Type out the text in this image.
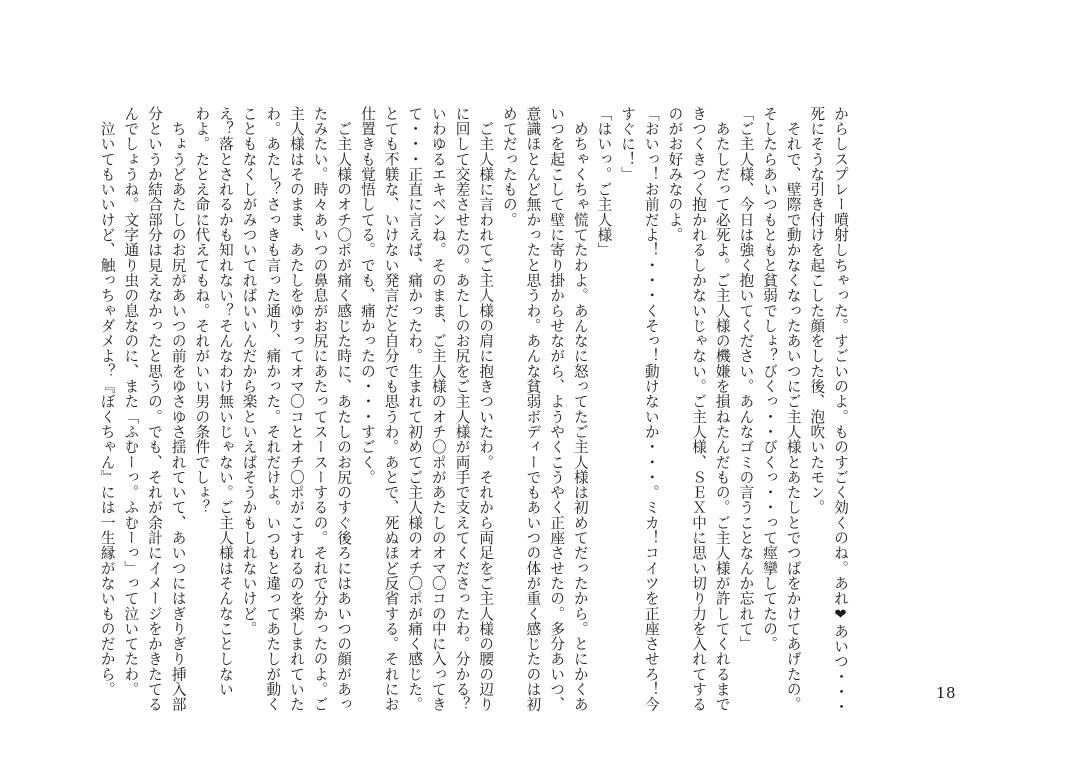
からしスプレー噴射しちゃった。すごいのよ。ものすごく効くのね。あれ❤あいつ・・・
死にそうな引き付けを起こした顔をした後、泡吹いたモン。
　それで、壁際で動かなくなったあいつにご主人様とあたしとでつばをかけてあげたの。
そしたらあいつもともと貧弱でしょ？びくっ・・びくっ・・って痙攣してたの。
「ご主人様、今日は強く抱いてください。あんなゴミの言うことなんか忘れて」
　あたしだって必死よ。ご主人様の機嫌を損ねたんだもの。ご主人様が許してくれるまで
きつくきつく抱かれるしかないじゃない。ご主人様、ＳＥＸ中に思い切り力を入れてする
のがお好みなのよ。
「おいっ！お前だよ！・・・くそっ！動けないか・・・。ミカ！コイツを正座させろ！今
すぐに！」
「はいっ。ご主人様」
　めちゃくちゃ慌てたわよ。あんなに怒ってたご主人様は初めてだったから。とにかくあ
いつを起こして壁に寄り掛からせながら、ようやくこうやく正座させたの。多分あいつ、
意識ほとんど無かったと思うわ。あんな貧弱ボディーでもあいつの体が重く感じたのは初
めてだったもの。
　ご主人様に言われてご主人様の肩に抱きついたわ。それから両足をご主人様の腰の辺り
に回して交差させたの。あたしのお尻をご主人様が両手で支えてくださったわ。分かる？
いわゆるエキベンね。そのまま、ご主人様のオチ〇ポがあたしのオマ〇コの中に入ってき
て・・・正直に言えば、痛かったわ。生まれて初めてご主人様のオチ〇ポが痛く感じた。
とても不躾な、いけない発言だと自分でも思うわ。あとで、死ぬほど反省する。それにお
仕置きも覚悟してる。でも、痛かったの・・・すごく。
　ご主人様のオチ〇ポが痛く感じた時に、あたしのお尻のすぐ後ろにはあいつの顔があっ
たみたい。時々あいつの鼻息がお尻にあたってスースーするの。それで分かったのよ。ご
主人様はそのまま、あたしをゆすってオマ〇コとオチ〇ポがこすれるのを楽しまれていた
わ。あたし？さっきも言った通り、痛かった。それだけよ。いつもと違ってあたしが動く
こともなくしがみついてればいいんだから楽といえばそうかもしれないけど。
え？落とされるかも知れない？そんなわけ無いじゃない。ご主人様はそんなことしない
わよ。たとえ命に代えてもね。それがいい男の条件でしょ？
　ちょうどあたしのお尻があいつの前をゆさゆさ揺れていて、あいつにはぎりぎり挿入部
分というか結合部分は見えなかったと思うの。でも、それが余計にイメージをかきたてる
んでしょうね。文字通り虫の息なのに、また「ふむーっ。ふむーっ」って泣いてたわ。
　泣いてもいいけど、触っちゃダメよ？『ぼくちゃん』には一生縁がないものだから。	18
